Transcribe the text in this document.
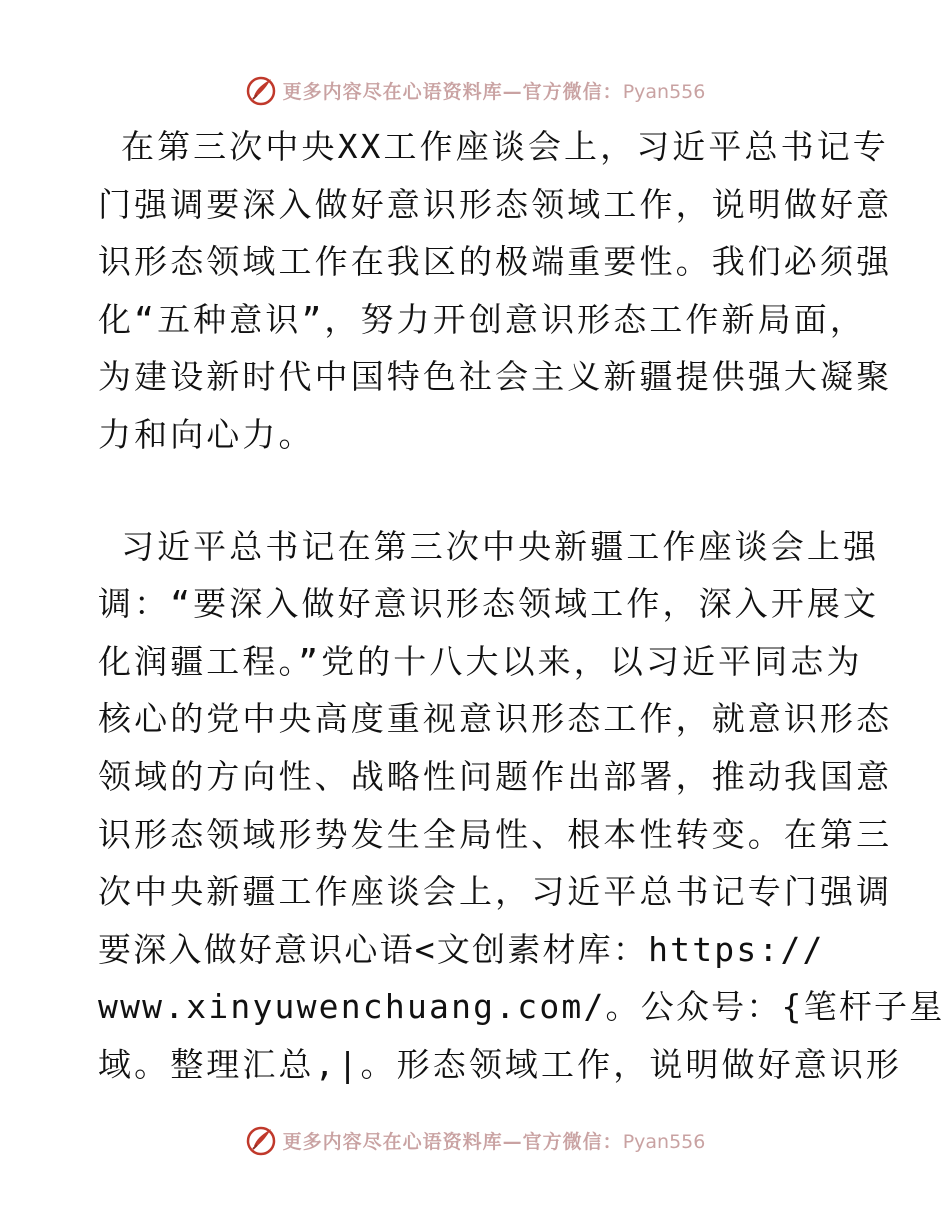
更多内容尽在心语资料库—官方微信：Pyan556
在第三次中央XX工作座谈会上，习近平总书记专
门强调要深入做好意识形态领域工作，说明做好意
识形态领域工作在我区的极端重要性。我们必须强
化“五种意识”，努力开创意识形态工作新局面，
为建设新时代中国特色社会主义新疆提供强大凝聚
力和向心力。
习近平总书记在第三次中央新疆工作座谈会上强
调：“要深入做好意识形态领域工作，深入开展文
化润疆工程。”党的十八大以来，以习近平同志为
核心的党中央高度重视意识形态工作，就意识形态
领域的方向性、战略性问题作出部署，推动我国意
识形态领域形势发生全局性、根本性转变。在第三
次中央新疆工作座谈会上，习近平总书记专门强调
要深入做好意识心语<文创素材库：https://
www.xinyuwenchuang.com/。公众号：{笔杆子星
域。整理汇总,|。形态领域工作，说明做好意识形
更多内容尽在心语资料库—官方微信：Pyan556
